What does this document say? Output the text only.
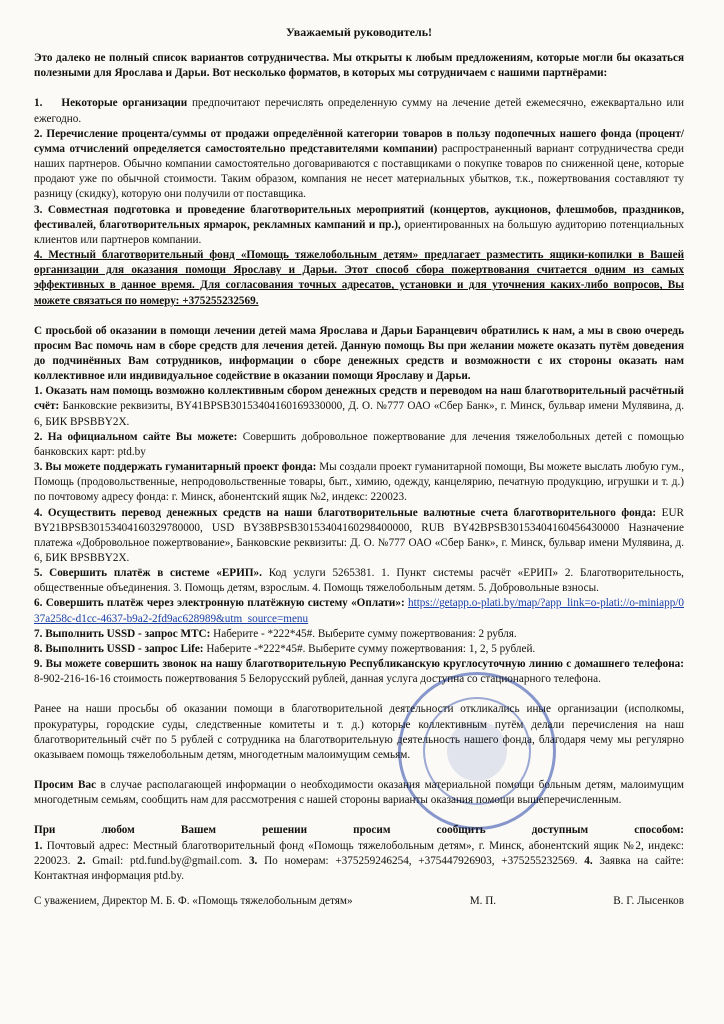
Уважаемый руководитель!

Это далеко не полный список вариантов сотрудничества. Мы открыты к любым предложениям, которые могли бы оказаться полезными для Ярослава и Дарьи. Вот несколько форматов, в которых мы сотрудничаем с нашими партнёрами:

1. Некоторые организации предпочитают перечислять определенную сумму на лечение детей ежемесячно, ежеквартально или ежегодно.

2. Перечисление процента/суммы от продажи определённой категории товаров в пользу подопечных нашего фонда (процент/сумма отчислений определяется самостоятельно представителями компании) распространенный вариант сотрудничества среди наших партнеров. Обычно компании самостоятельно договариваются с поставщиками о покупке товаров по сниженной цене, которые продают уже по обычной стоимости. Таким образом, компания не несет материальных убытков, т.к., пожертвования составляют ту разницу (скидку), которую они получили от поставщика.

3. Совместная подготовка и проведение благотворительных мероприятий (концертов, аукционов, флешмобов, праздников, фестивалей, благотворительных ярмарок, рекламных кампаний и пр.), ориентированных на большую аудиторию потенциальных клиентов или партнеров компании.

4. Местный благотворительный фонд «Помощь тяжелобольным детям» предлагает разместить ящики-копилки в Вашей организации для оказания помощи Ярославу и Дарьи. Этот способ сбора пожертвования считается одним из самых эффективных в данное время. Для согласования точных адресатов, установки и для уточнения каких-либо вопросов, Вы можете связаться по номеру: +375255232569.

С просьбой об оказании в помощи лечении детей мама Ярослава и Дарьи Баранцевич обратились к нам, а мы в свою очередь просим Вас помочь нам в сборе средств для лечения детей. Данную помощь Вы при желании можете оказать путём доведения до подчинённых Вам сотрудников, информации о сборе денежных средств и возможности с их стороны оказать нам коллективное или индивидуальное содействие в оказании помощи Ярославу и Дарьи.

1. Оказать нам помощь возможно коллективным сбором денежных средств и переводом на наш благотворительный расчётный счёт: Банковские реквизиты, BY41BPSB30153404160169330000, Д. О. №777 ОАО «Сбер Банк», г. Минск, бульвар имени Мулявина, д. 6, БИК BPSBBY2X.

2. На официальном сайте Вы можете: Совершить добровольное пожертвование для лечения тяжелобольных детей с помощью банковских карт: ptd.by

3. Вы можете поддержать гуманитарный проект фонда: Мы создали проект гуманитарной помощи, Вы можете выслать любую гум., Помощь (продовольственные, непродовольственные товары, быт., химию, одежду, канцелярию, печатную продукцию, игрушки и т. д.) по почтовому адресу фонда: г. Минск, абонентский ящик №2, индекс: 220023.

4. Осуществить перевод денежных средств на наши благотворительные валютные счета благотворительного фонда: EUR BY21BPSB30153404160329780000, USD BY38BPSB30153404160298400000, RUB BY42BPSB30153404160456430000 Назначение платежа «Добровольное пожертвование», Банковские реквизиты: Д. О. №777 ОАО «Сбер Банк», г. Минск, бульвар имени Мулявина, д. 6, БИК BPSBBY2X.

5. Совершить платёж в системе «ЕРИП». Код услуги 5265381. 1. Пункт системы расчёт «ЕРИП» 2. Благотворительность, общественные объединения. 3. Помощь детям, взрослым. 4. Помощь тяжелобольным детям. 5. Добровольные взносы.

6. Совершить платёж через электронную платёжную систему «Оплати»: https://getapp.o-plati.by/map/?app_link=o-plati://o-miniapp/037a258c-d1cc-4637-b9a2-2fd9ac628989&utm_source=menu

7. Выполнить USSD - запрос МТС: Наберите - *222*45#. Выберите сумму пожертвования: 2 рубля.

8. Выполнить USSD - запрос Life: Наберите -*222*45#. Выберите сумму пожертвования: 1, 2, 5 рублей.

9. Вы можете совершить звонок на нашу благотворительную Республиканскую круглосуточную линию с домашнего телефона: 8-902-216-16-16 стоимость пожертвования 5 Белорусский рублей, данная услуга доступна со стационарного телефона.

Ранее на наши просьбы об оказании помощи в благотворительной деятельности откликались иные организации (исполкомы, прокуратуры, городские суды, следственные комитеты и т. д.) которые коллективным путём делали перечисления на наш благотворительный счёт по 5 рублей с сотрудника на благотворительную деятельность нашего фонда, благодаря чему мы регулярно оказываем помощь тяжелобольным детям, многодетным малоимущим семьям.

Просим Вас в случае располагающей информации о необходимости оказания материальной помощи больным детям, малоимущим многодетным семьям, сообщить нам для рассмотрения с нашей стороны варианты оказания помощи вышеперечисленным.

При любом Вашем решении просим сообщить доступным способом:

1. Почтовый адрес: Местный благотворительный фонд «Помощь тяжелобольным детям», г. Минск, абонентский ящик №2, индекс: 220023. 2. Gmail: ptd.fund.by@gmail.com. 3. По номерам: +375259246254, +375447926903, +375255232569. 4. Заявка на сайте: Контактная информация ptd.by.

С уважением, Директор М. Б. Ф. «Помощь тяжелобольным детям»	М. П.	В. Г. Лысенков
